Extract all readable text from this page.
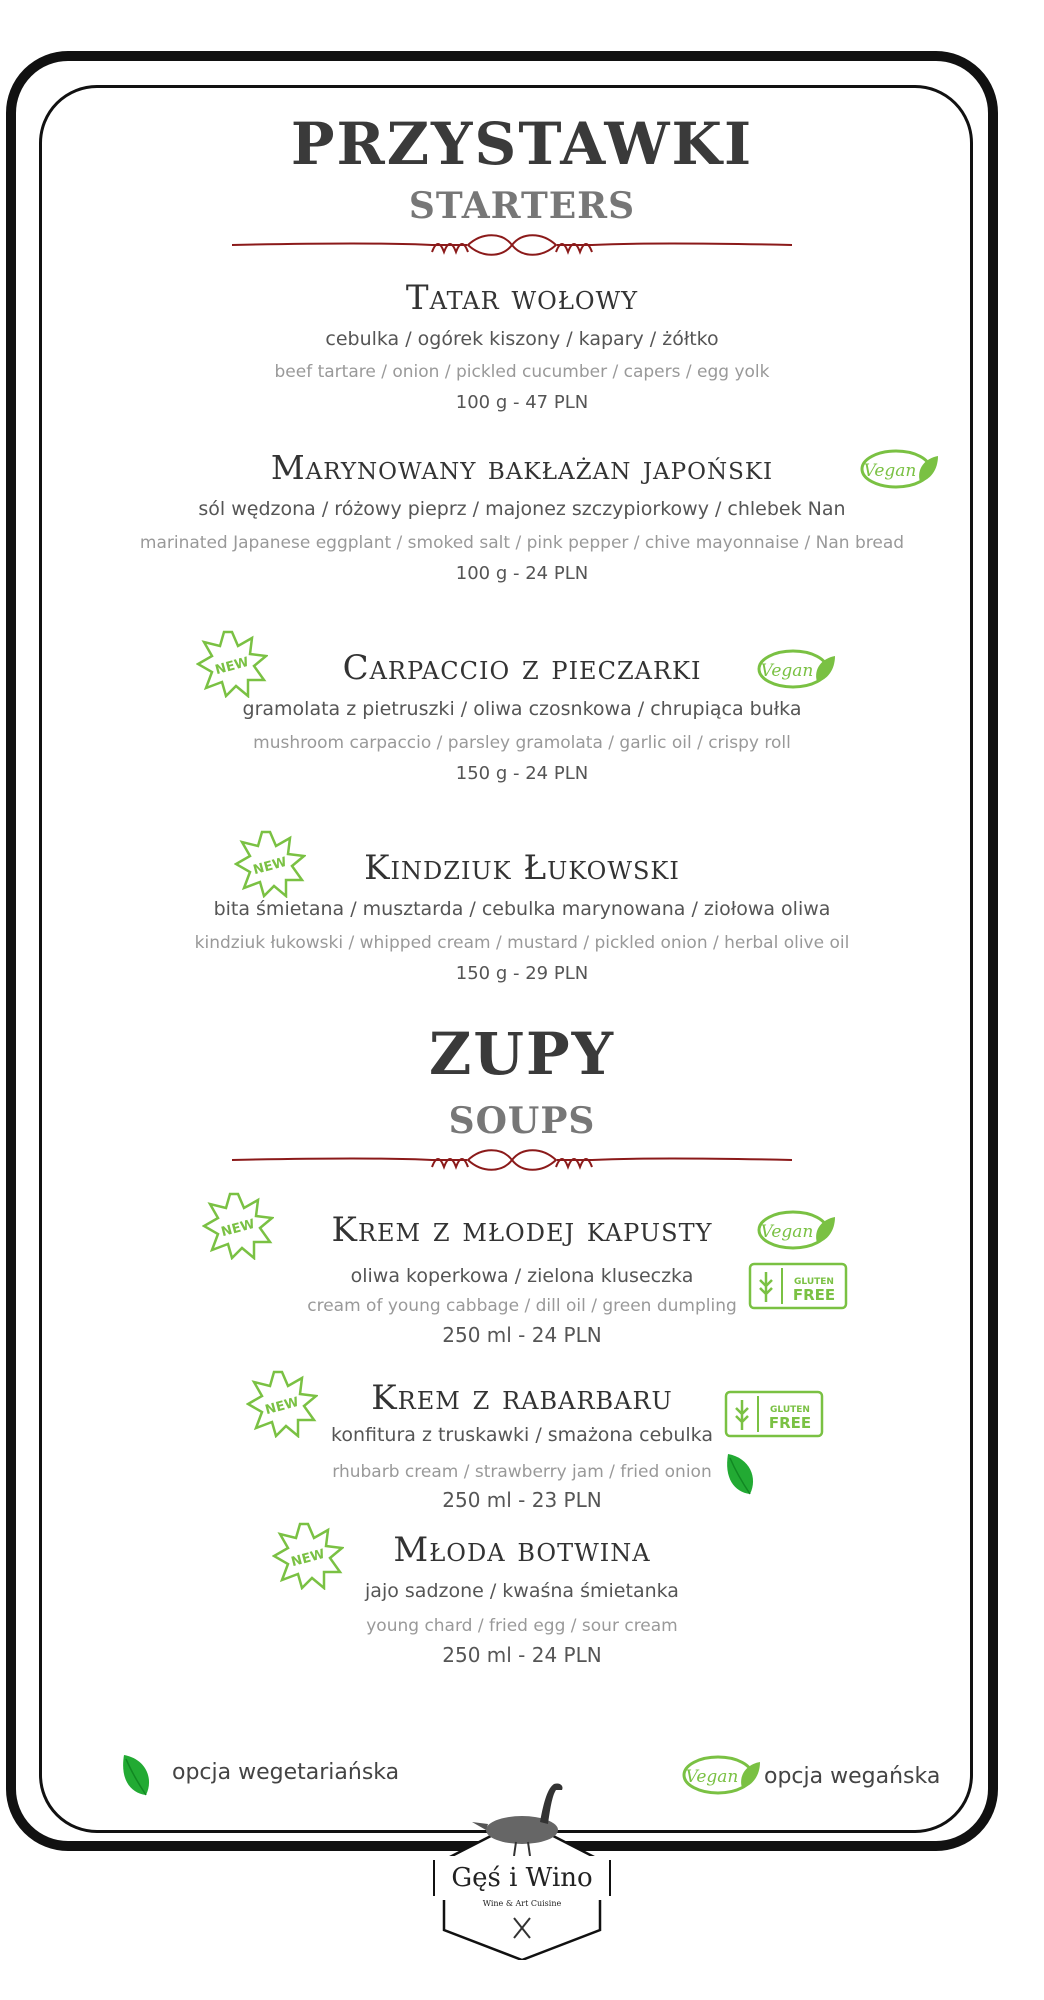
PRZYSTAWKI
STARTERS
Tatar wołowy
cebulka / ogórek kiszony / kapary / żółtko
beef tartare / onion / pickled cucumber / capers / egg yolk
100 g - 47 PLN
Marynowany bakłażan japoński	Vegan
sól wędzona / różowy pieprz / majonez szczypiorkowy / chlebek Nan
marinated Japanese eggplant / smoked salt / pink pepper / chive mayonnaise / Nan bread
100 g - 24 PLN
Carpaccio z pieczarki
NEW	Vegan
gramolata z pietruszki / oliwa czosnkowa / chrupiąca bułka
mushroom carpaccio / parsley gramolata / garlic oil / crispy roll
150 g - 24 PLN
Kindziuk Łukowski
NEW
bita śmietana / musztarda / cebulka marynowana / ziołowa oliwa
kindziuk łukowski / whipped cream / mustard / pickled onion / herbal olive oil
150 g - 29 PLN
ZUPY
SOUPS
Krem z młodej kapusty
NEW	Vegan
GLUTEN
FREE
oliwa koperkowa / zielona kluseczka
cream of young cabbage / dill oil / green dumpling
250 ml - 24 PLN
Krem z rabarbaru
NEW	GLUTEN
FREE
konfitura z truskawki / smażona cebulka
rhubarb cream / strawberry jam / fried onion
250 ml - 23 PLN
Młoda botwina
NEW
jajo sadzone / kwaśna śmietanka
young chard / fried egg / sour cream
250 ml - 24 PLN
opcja wegetariańska	Vegan opcja wegańska
Gęś i Wino
Wine & Art Cuisine
